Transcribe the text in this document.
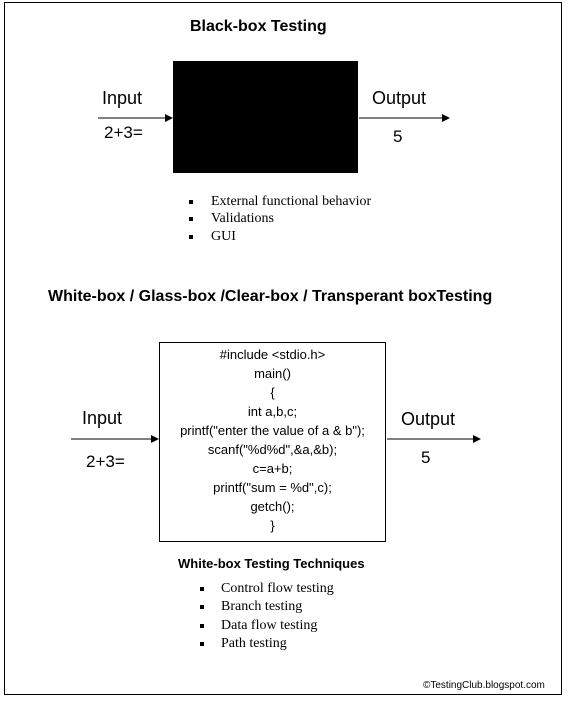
Black-box Testing
Input
2+3=
Output
5
External functional behavior
Validations
GUI
White-box / Glass-box /Clear-box / Transperant boxTesting
#include <stdio.h>
main()
{
int a,b,c;
printf("enter the value of a & b");
scanf("%d%d",&a,&b);
c=a+b;
printf("sum = %d",c);
getch();
}
Input
2+3=
Output
5
White-box Testing Techniques
Control flow testing
Branch testing
Data flow testing
Path testing
©TestingClub.blogspot.com
